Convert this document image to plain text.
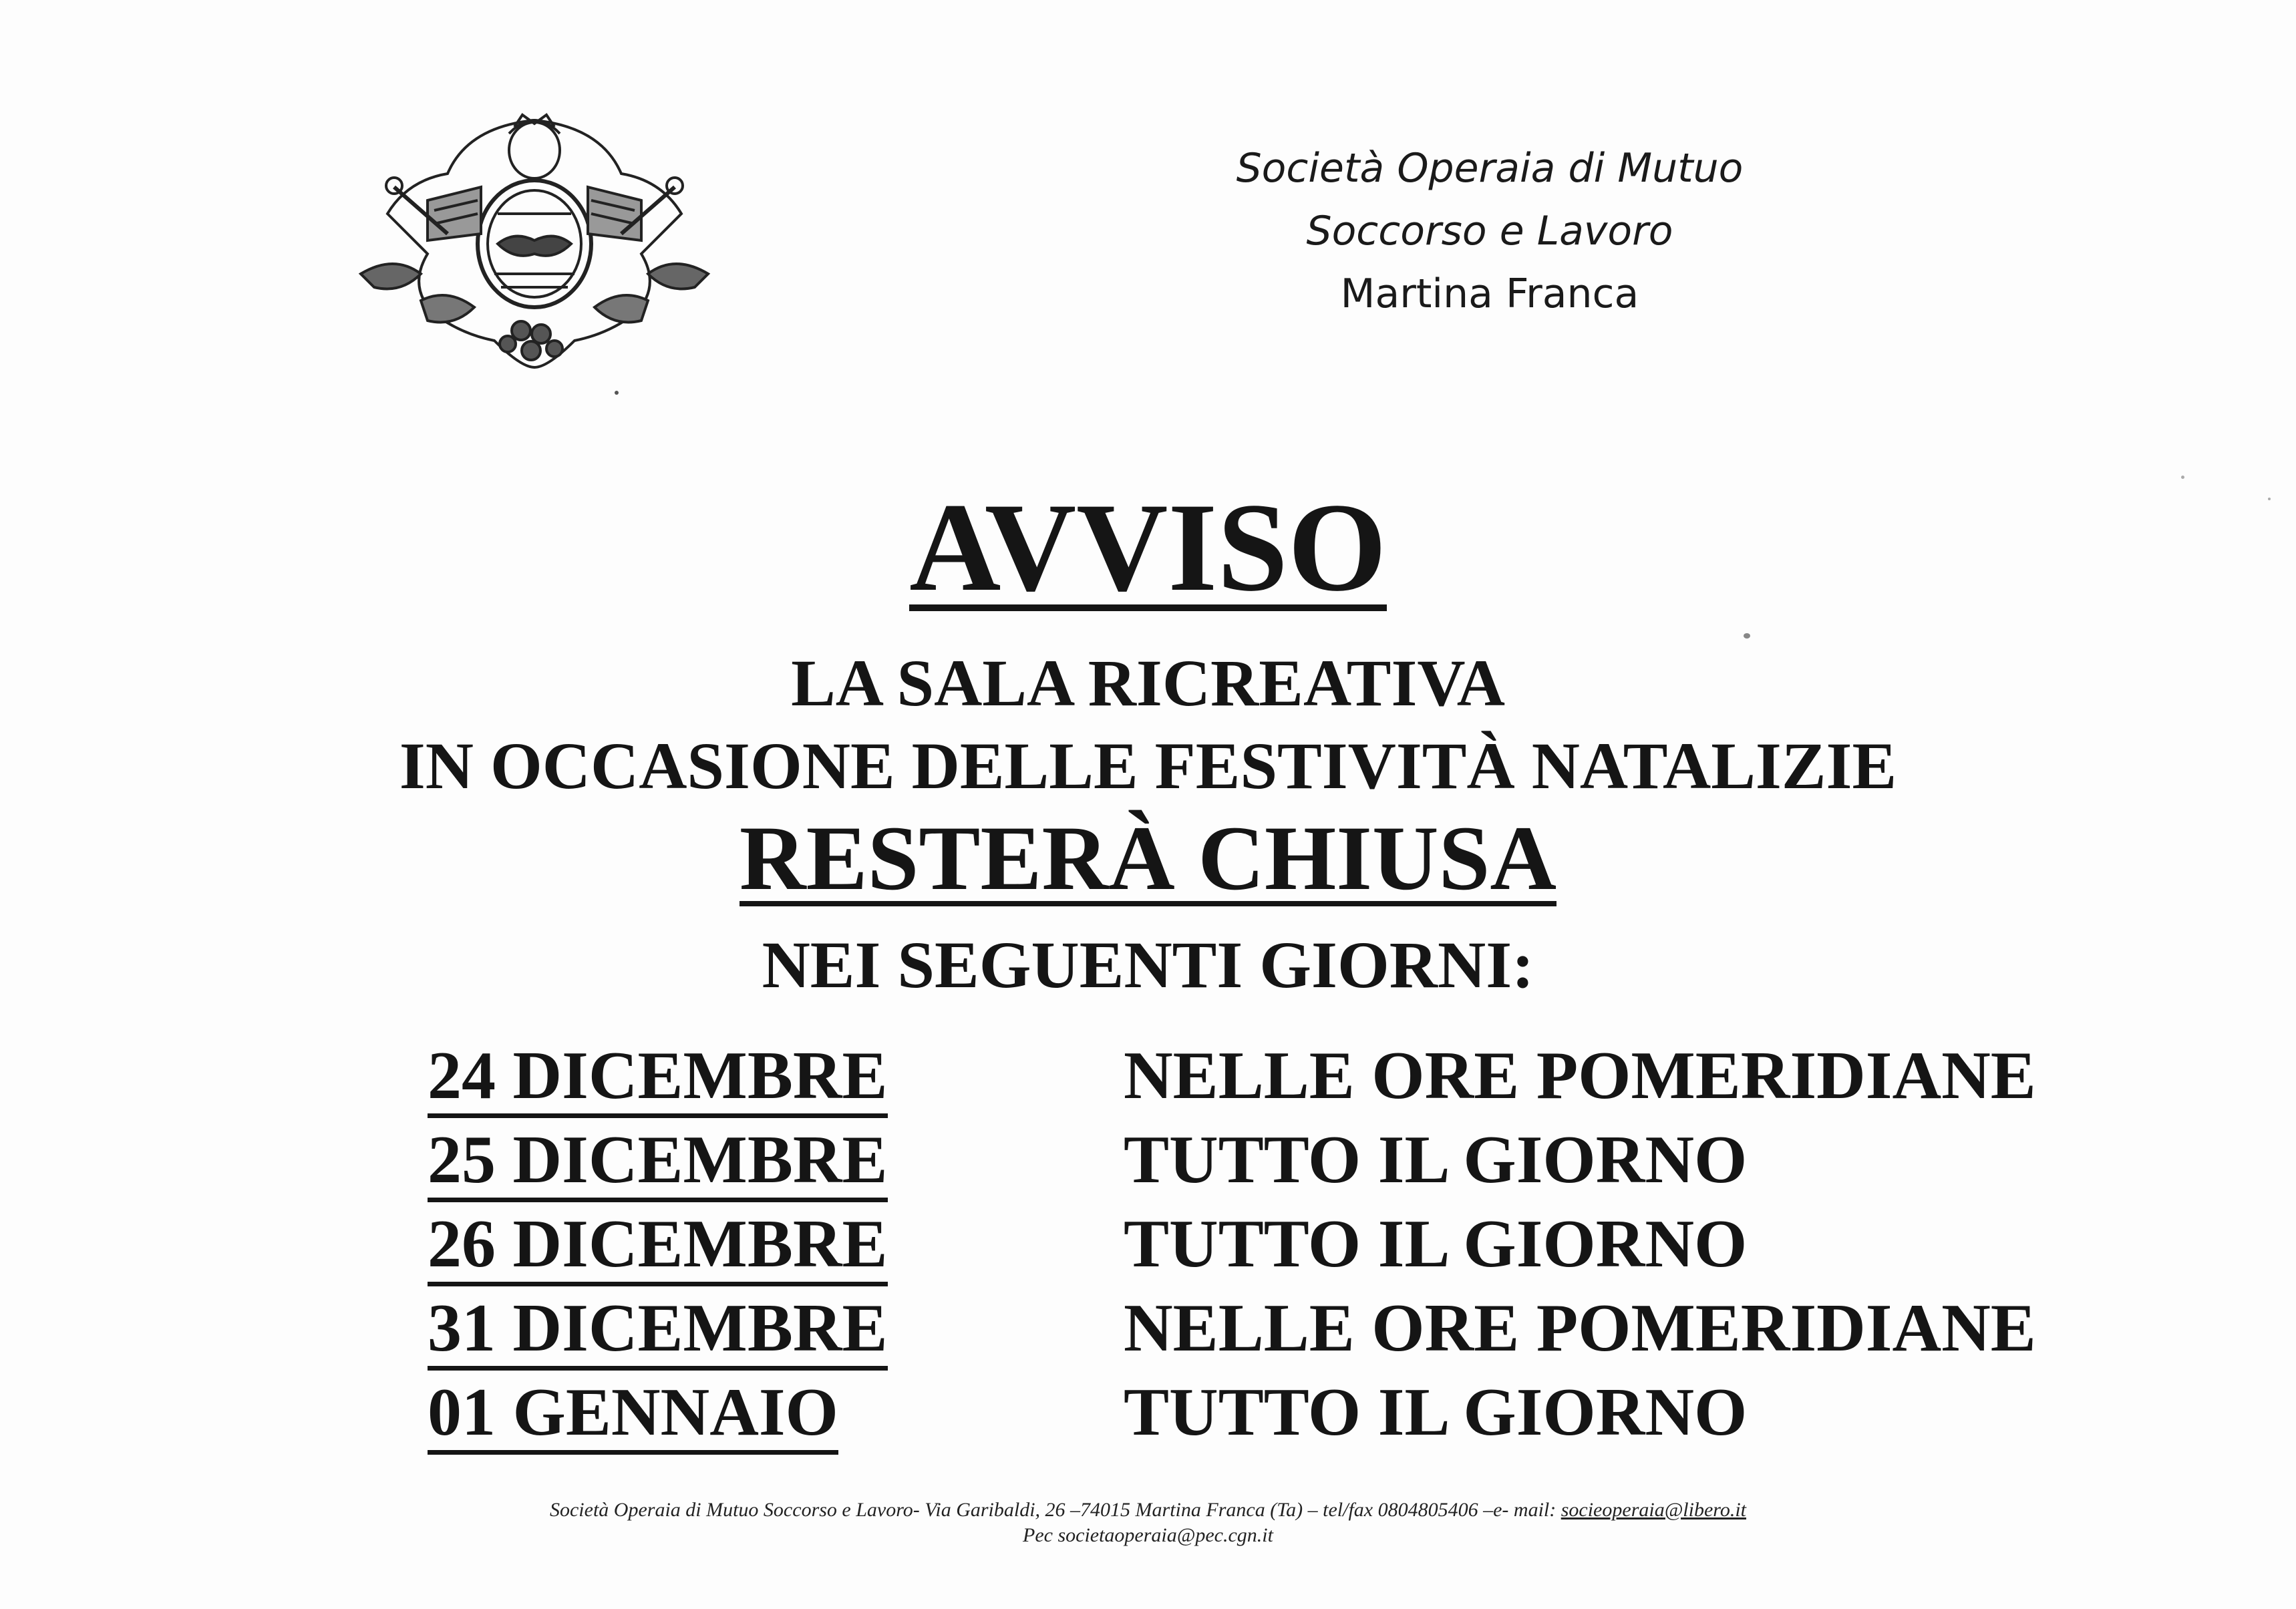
Società Operaia di Mutuo
Soccorso e Lavoro
Martina Franca
AVVISO
LA SALA RICREATIVA
IN OCCASIONE DELLE FESTIVITÀ NATALIZIE
RESTERÀ CHIUSA
NEI SEGUENTI GIORNI:
24 DICEMBRE	NELLE ORE POMERIDIANE
25 DICEMBRE	TUTTO IL GIORNO
26 DICEMBRE	TUTTO IL GIORNO
31 DICEMBRE	NELLE ORE POMERIDIANE
01 GENNAIO	TUTTO IL GIORNO
Società Operaia di Mutuo Soccorso e Lavoro- Via Garibaldi, 26 –74015 Martina Franca (Ta) – tel/fax 0804805406 –e- mail: socieoperaia@libero.it
Pec societaoperaia@pec.cgn.it
